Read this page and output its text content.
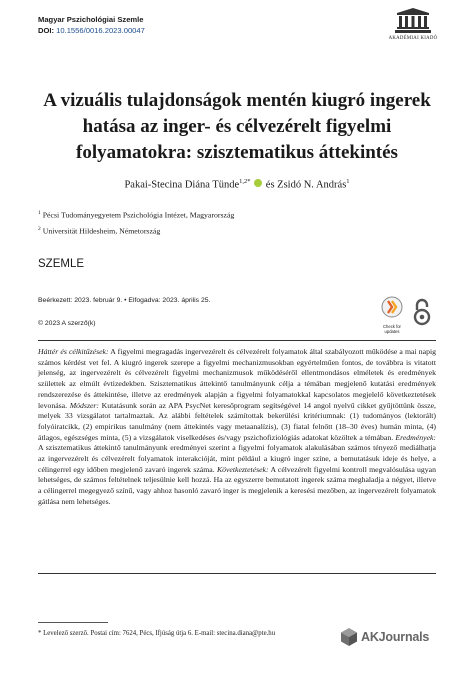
Magyar Pszichológiai Szemle
DOI: 10.1556/0016.2023.00047
AKADÉMIAI KIADÓ
A vizuális tulajdonságok mentén kiugró ingerek
hatása az inger- és célvezérelt figyelmi
folyamatokra: szisztematikus áttekintés
Pakai-Stecina Diána Tünde$^{1,2*}$  és Zsidó N. András$^1$
$^1$ Pécsi Tudományegyetem Pszichológia Intézet, Magyarország
$^2$ Universität Hildesheim, Németország
SZEMLE
Beérkezett: 2023. február 9. • Elfogadva: 2023. április 25.
© 2023 A szerző(k)	Check for
updates
Háttér és célkitűzések: A figyelmi megragadás ingervezérelt és célvezérelt folyamatok által szabályozott működése a mai napig számos kérdést vet fel. A kiugró ingerek szerepe a figyelmi mechanizmusokban egyértelműen fontos, de továbbra is vitatott jelenség, az ingervezérelt és célvezérelt figyelmi mechanizmusok működéséről ellentmondásos elméletek és eredmények születtek az elmúlt évtizedekben. Szisztematikus áttekintő tanulmányunk célja a témában megjelenő kutatási eredmények rendszerezése és áttekintése, illetve az eredmények alapján a figyelmi folyamatokkal kapcsolatos megjelelő következtetések levonása. Módszer: Kutatásunk során az APA PsycNet keresőprogram segítségével 14 angol nyelvű cikket gyűjtöttünk össze, melyek 33 vizsgálatot tartalmaztak. Az alábbi feltételek számítottak bekerülési kritériumnak: (1) tudományos (lektorált) folyóiratcikk, (2) empirikus tanulmány (nem áttekintés vagy metaanalízis), (3) fiatal felnőtt (18–30 éves) humán minta, (4) átlagos, egészséges minta, (5) a vizsgálatok viselkedéses és/vagy pszichofiziológiás adatokat közöltek a témában. Eredmények: A szisztematikus áttekintő tanulmányunk eredményei szerint a figyelmi folyamatok alakulásában számos tényező mediálhatja az ingervezérelt és célvezérelt folyamatok interakcióját, mint például a kiugró inger színe, a bemutatásuk ideje és helye, a célingerrel egy időben megjelenő zavaró ingerek száma. Következtetések: A célvezérelt figyelmi kontroll megvalósulása ugyan lehetséges, de számos feltételnek teljesülnie kell hozzá. Ha az egyszerre bemutatott ingerek száma meghaladja a négyet, illetve a célingerrel megegyező színű, vagy ahhoz hasonló zavaró inger is megjelenik a keresési mezőben, az ingervezérelt folyamatok gátlása nem lehetséges.
* Levelező szerző. Postai cím: 7624, Pécs, Ifjúság útja 6. E-mail: stecina.diana@pte.hu	AKJournals
